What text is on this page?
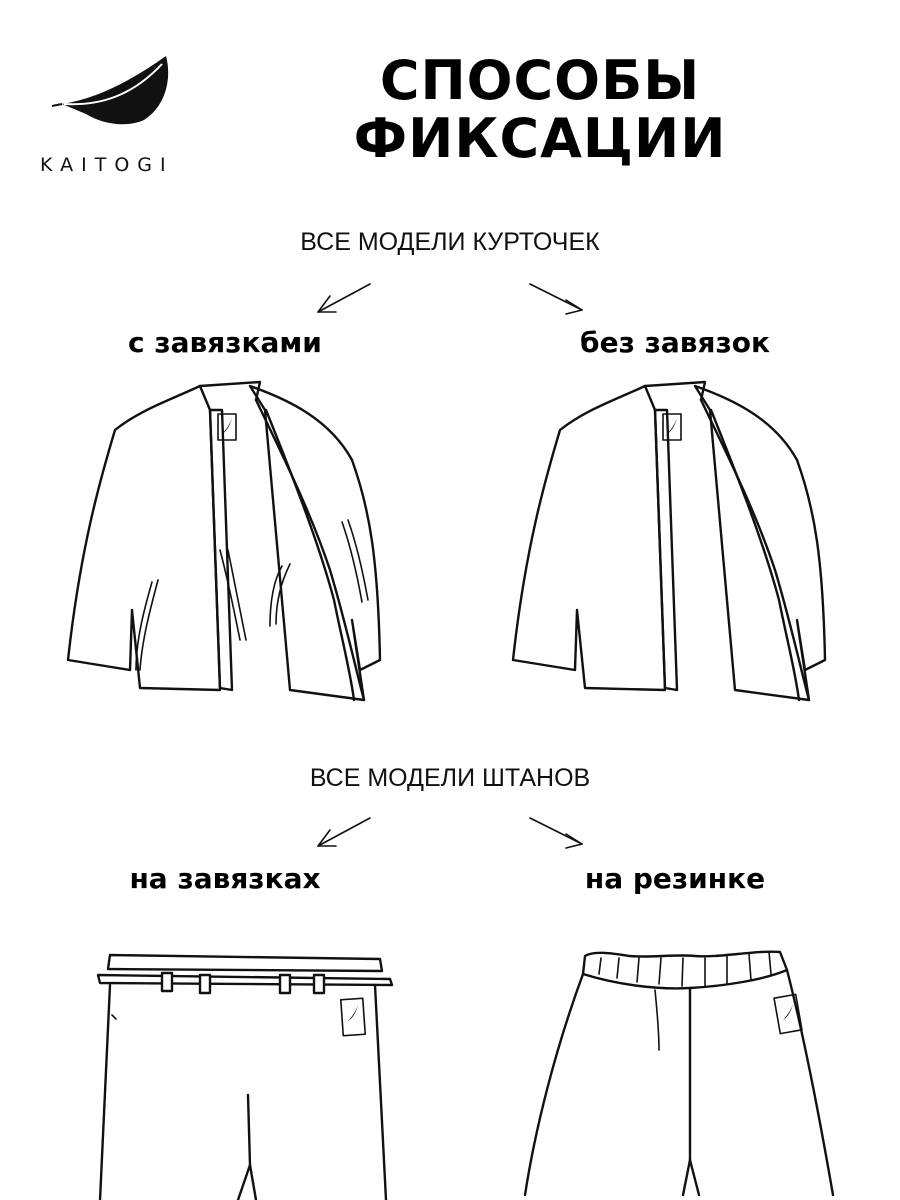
KAITOGI
СПОСОБЫ
ФИКСАЦИИ
ВСЕ МОДЕЛИ КУРТОЧЕК
с завязками	без завязок
ВСЕ МОДЕЛИ ШТАНОВ
на завязках	на резинке
